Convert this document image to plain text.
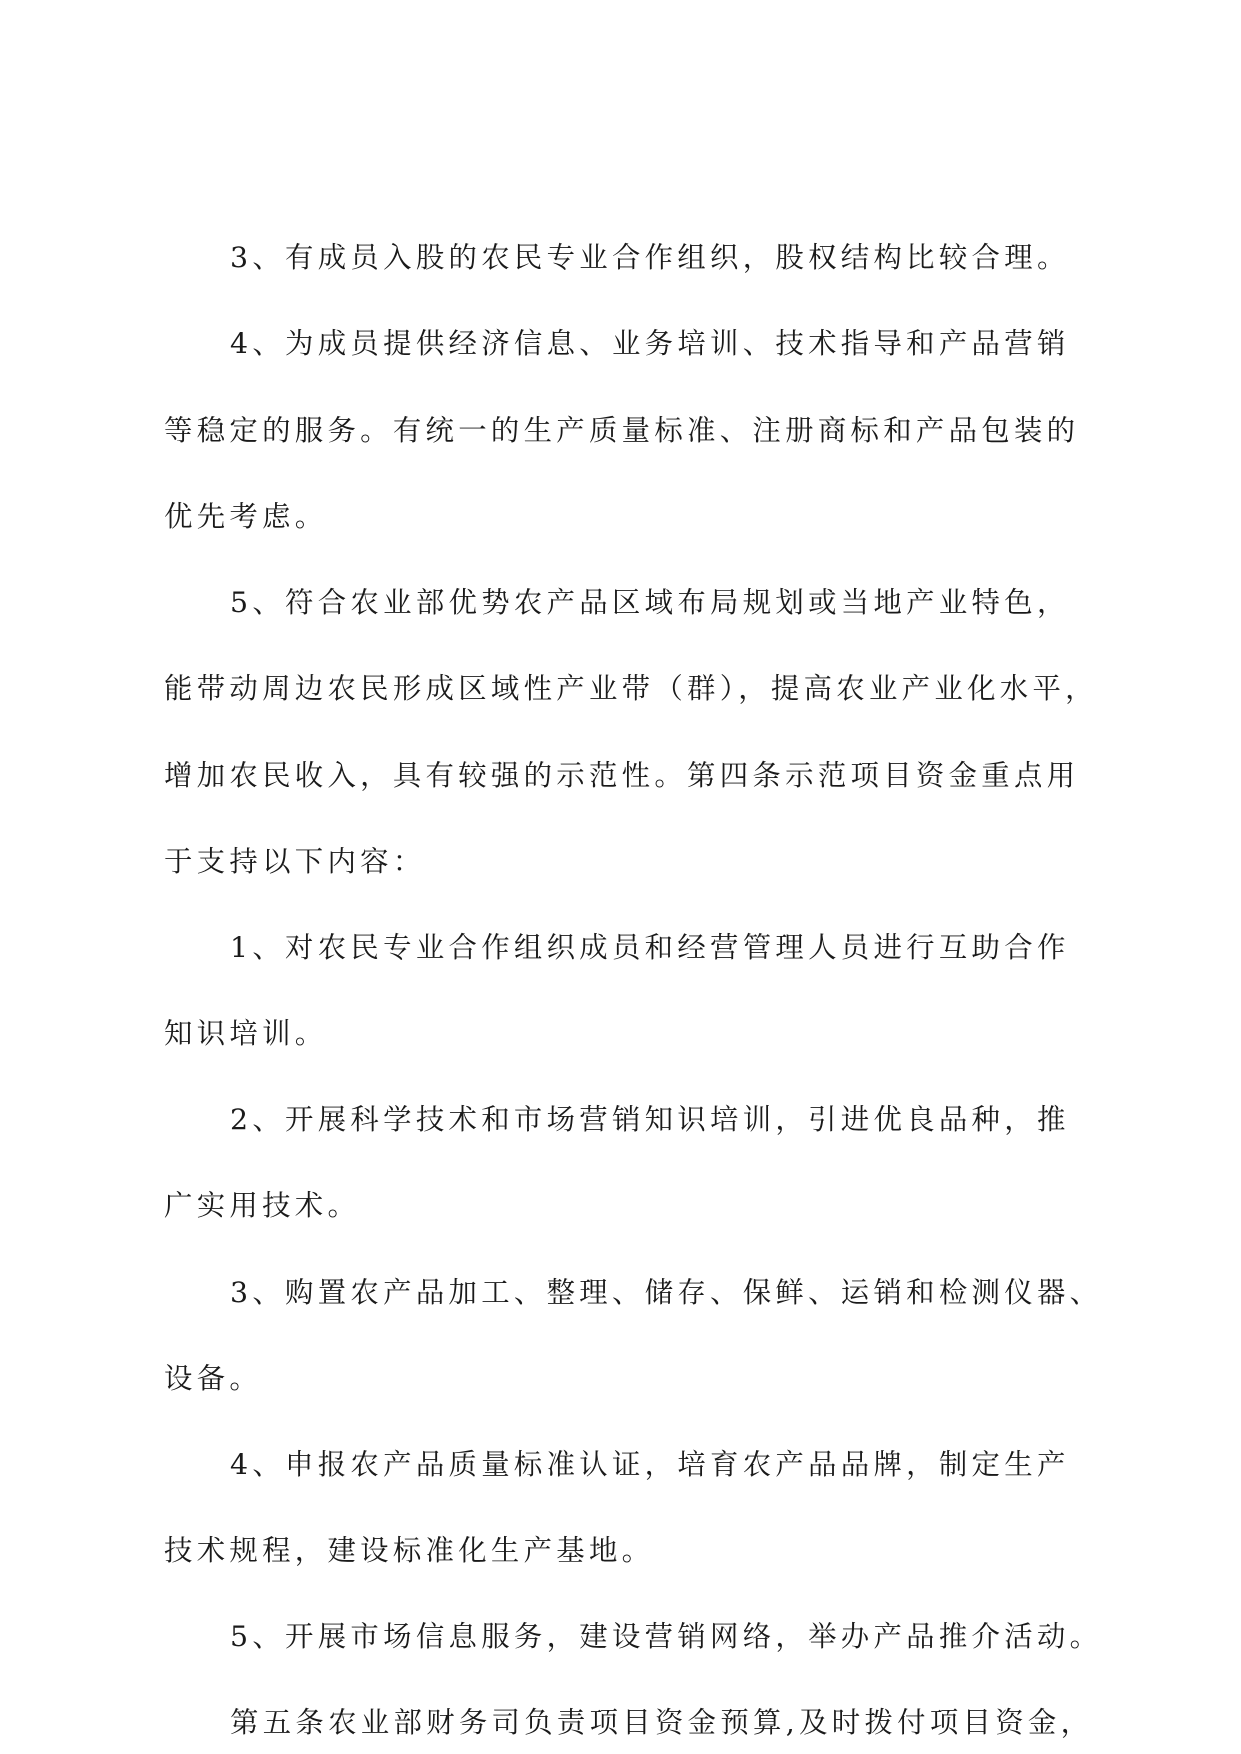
3、有成员入股的农民专业合作组织，股权结构比较合理。
4、为成员提供经济信息、业务培训、技术指导和产品营销
等稳定的服务。有统一的生产质量标准、注册商标和产品包装的
优先考虑。
5、符合农业部优势农产品区域布局规划或当地产业特色，
能带动周边农民形成区域性产业带（群），提高农业产业化水平，
增加农民收入，具有较强的示范性。第四条示范项目资金重点用
于支持以下内容：
1、对农民专业合作组织成员和经营管理人员进行互助合作
知识培训。
2、开展科学技术和市场营销知识培训，引进优良品种，推
广实用技术。
3、购置农产品加工、整理、储存、保鲜、运销和检测仪器、
设备。
4、申报农产品质量标准认证，培育农产品品牌，制定生产
技术规程，建设标准化生产基地。
5、开展市场信息服务，建设营销网络，举办产品推介活动。
第五条农业部财务司负责项目资金预算,及时拨付项目资金，
